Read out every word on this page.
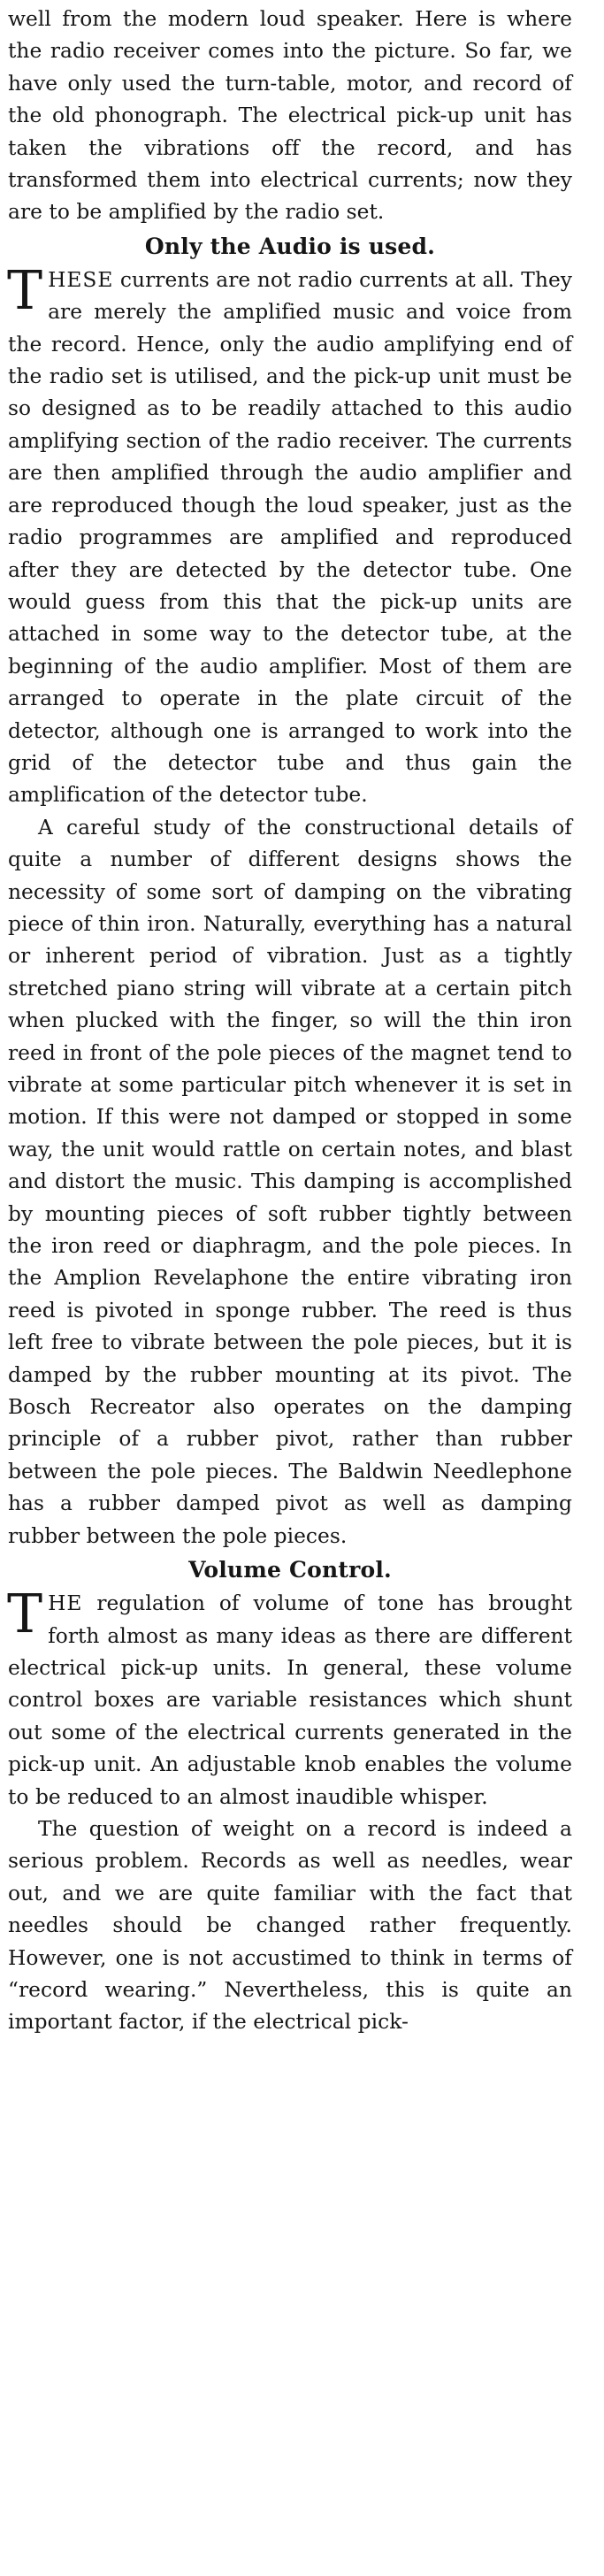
well from the modern loud speaker. Here is where the radio receiver comes into the picture. So far, we have only used the turn-table, motor, and record of the old phonograph. The electrical pick-up unit has taken the vibrations off the record, and has transformed them into electrical currents; now they are to be amplified by the radio set.

Only the Audio is used.

THESE currents are not radio currents at all. They are merely the amplified music and voice from the record. Hence, only the audio amplifying end of the radio set is utilised, and the pick-up unit must be so designed as to be readily attached to this audio amplifying section of the radio receiver. The currents are then amplified through the audio amplifier and are reproduced though the loud speaker, just as the radio programmes are amplified and reproduced after they are detected by the detector tube. One would guess from this that the pick-up units are attached in some way to the detector tube, at the beginning of the audio amplifier. Most of them are arranged to operate in the plate circuit of the detector, although one is arranged to work into the grid of the detector tube and thus gain the amplification of the detector tube.

A careful study of the constructional details of quite a number of different designs shows the necessity of some sort of damping on the vibrating piece of thin iron. Naturally, everything has a natural or inherent period of vibration. Just as a tightly stretched piano string will vibrate at a certain pitch when plucked with the finger, so will the thin iron reed in front of the pole pieces of the magnet tend to vibrate at some particular pitch whenever it is set in motion. If this were not damped or stopped in some way, the unit would rattle on certain notes, and blast and distort the music. This damping is accomplished by mounting pieces of soft rubber tightly between the iron reed or diaphragm, and the pole pieces. In the Amplion Revelaphone the entire vibrating iron reed is pivoted in sponge rubber. The reed is thus left free to vibrate between the pole pieces, but it is damped by the rubber mounting at its pivot. The Bosch Recreator also operates on the damping principle of a rubber pivot, rather than rubber between the pole pieces. The Baldwin Needlephone has a rubber damped pivot as well as damping rubber between the pole pieces.

Volume Control.

THE regulation of volume of tone has brought forth almost as many ideas as there are different electrical pick-up units. In general, these volume control boxes are variable resistances which shunt out some of the electrical currents generated in the pick-up unit. An adjustable knob enables the volume to be reduced to an almost inaudible whisper.

The question of weight on a record is indeed a serious problem. Records as well as needles, wear out, and we are quite familiar with the fact that needles should be changed rather frequently. However, one is not accustimed to think in terms of “record wearing.” Nevertheless, this is quite an important factor, if the electrical pick-
